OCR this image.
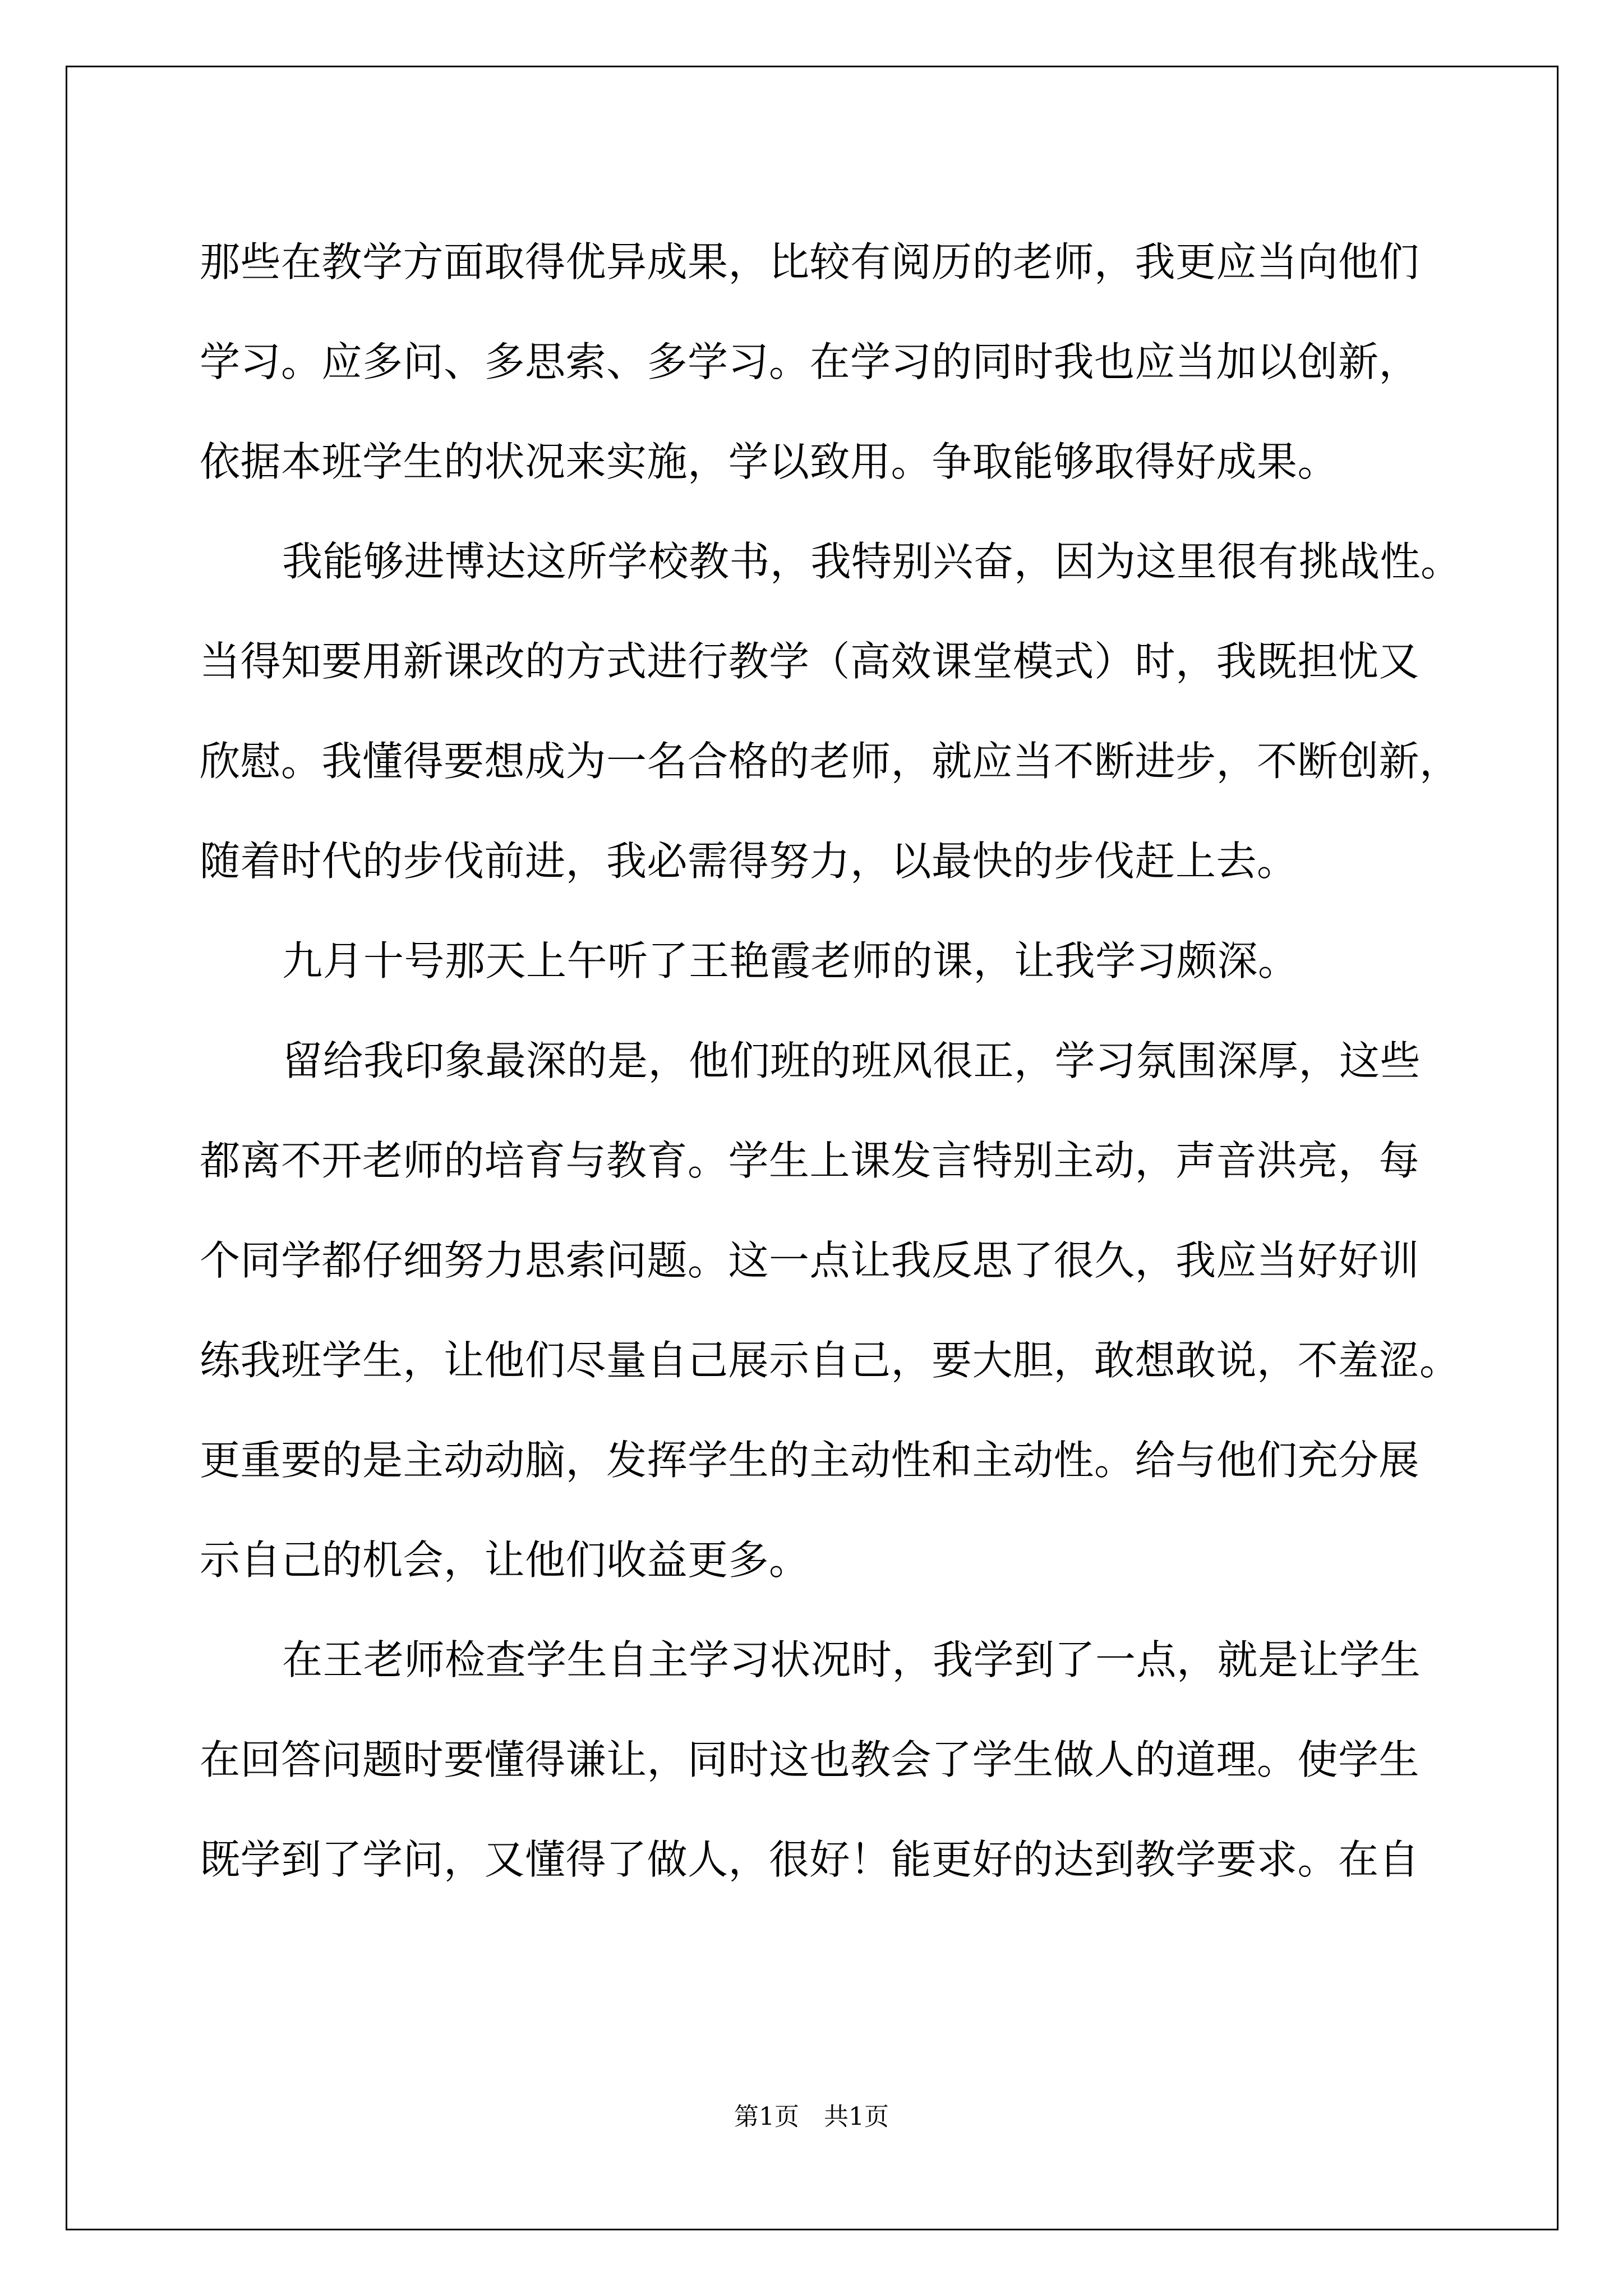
那些在教学方面取得优异成果，比较有阅历的老师，我更应当向他们
学习。应多问、多思索、多学习。在学习的同时我也应当加以创新，
依据本班学生的状况来实施，学以致用。争取能够取得好成果。
我能够进博达这所学校教书，我特别兴奋，因为这里很有挑战性。
当得知要用新课改的方式进行教学（高效课堂模式）时，我既担忧又
欣慰。我懂得要想成为一名合格的老师，就应当不断进步，不断创新，
随着时代的步伐前进，我必需得努力，以最快的步伐赶上去。
九月十号那天上午听了王艳霞老师的课，让我学习颇深。
留给我印象最深的是，他们班的班风很正，学习氛围深厚，这些
都离不开老师的培育与教育。学生上课发言特别主动，声音洪亮，每
个同学都仔细努力思索问题。这一点让我反思了很久，我应当好好训
练我班学生，让他们尽量自己展示自己，要大胆，敢想敢说，不羞涩。
更重要的是主动动脑，发挥学生的主动性和主动性。给与他们充分展
示自己的机会，让他们收益更多。
在王老师检查学生自主学习状况时，我学到了一点，就是让学生
在回答问题时要懂得谦让，同时这也教会了学生做人的道理。使学生
既学到了学问，又懂得了做人，很好！能更好的达到教学要求。在自
第1页　共1页
